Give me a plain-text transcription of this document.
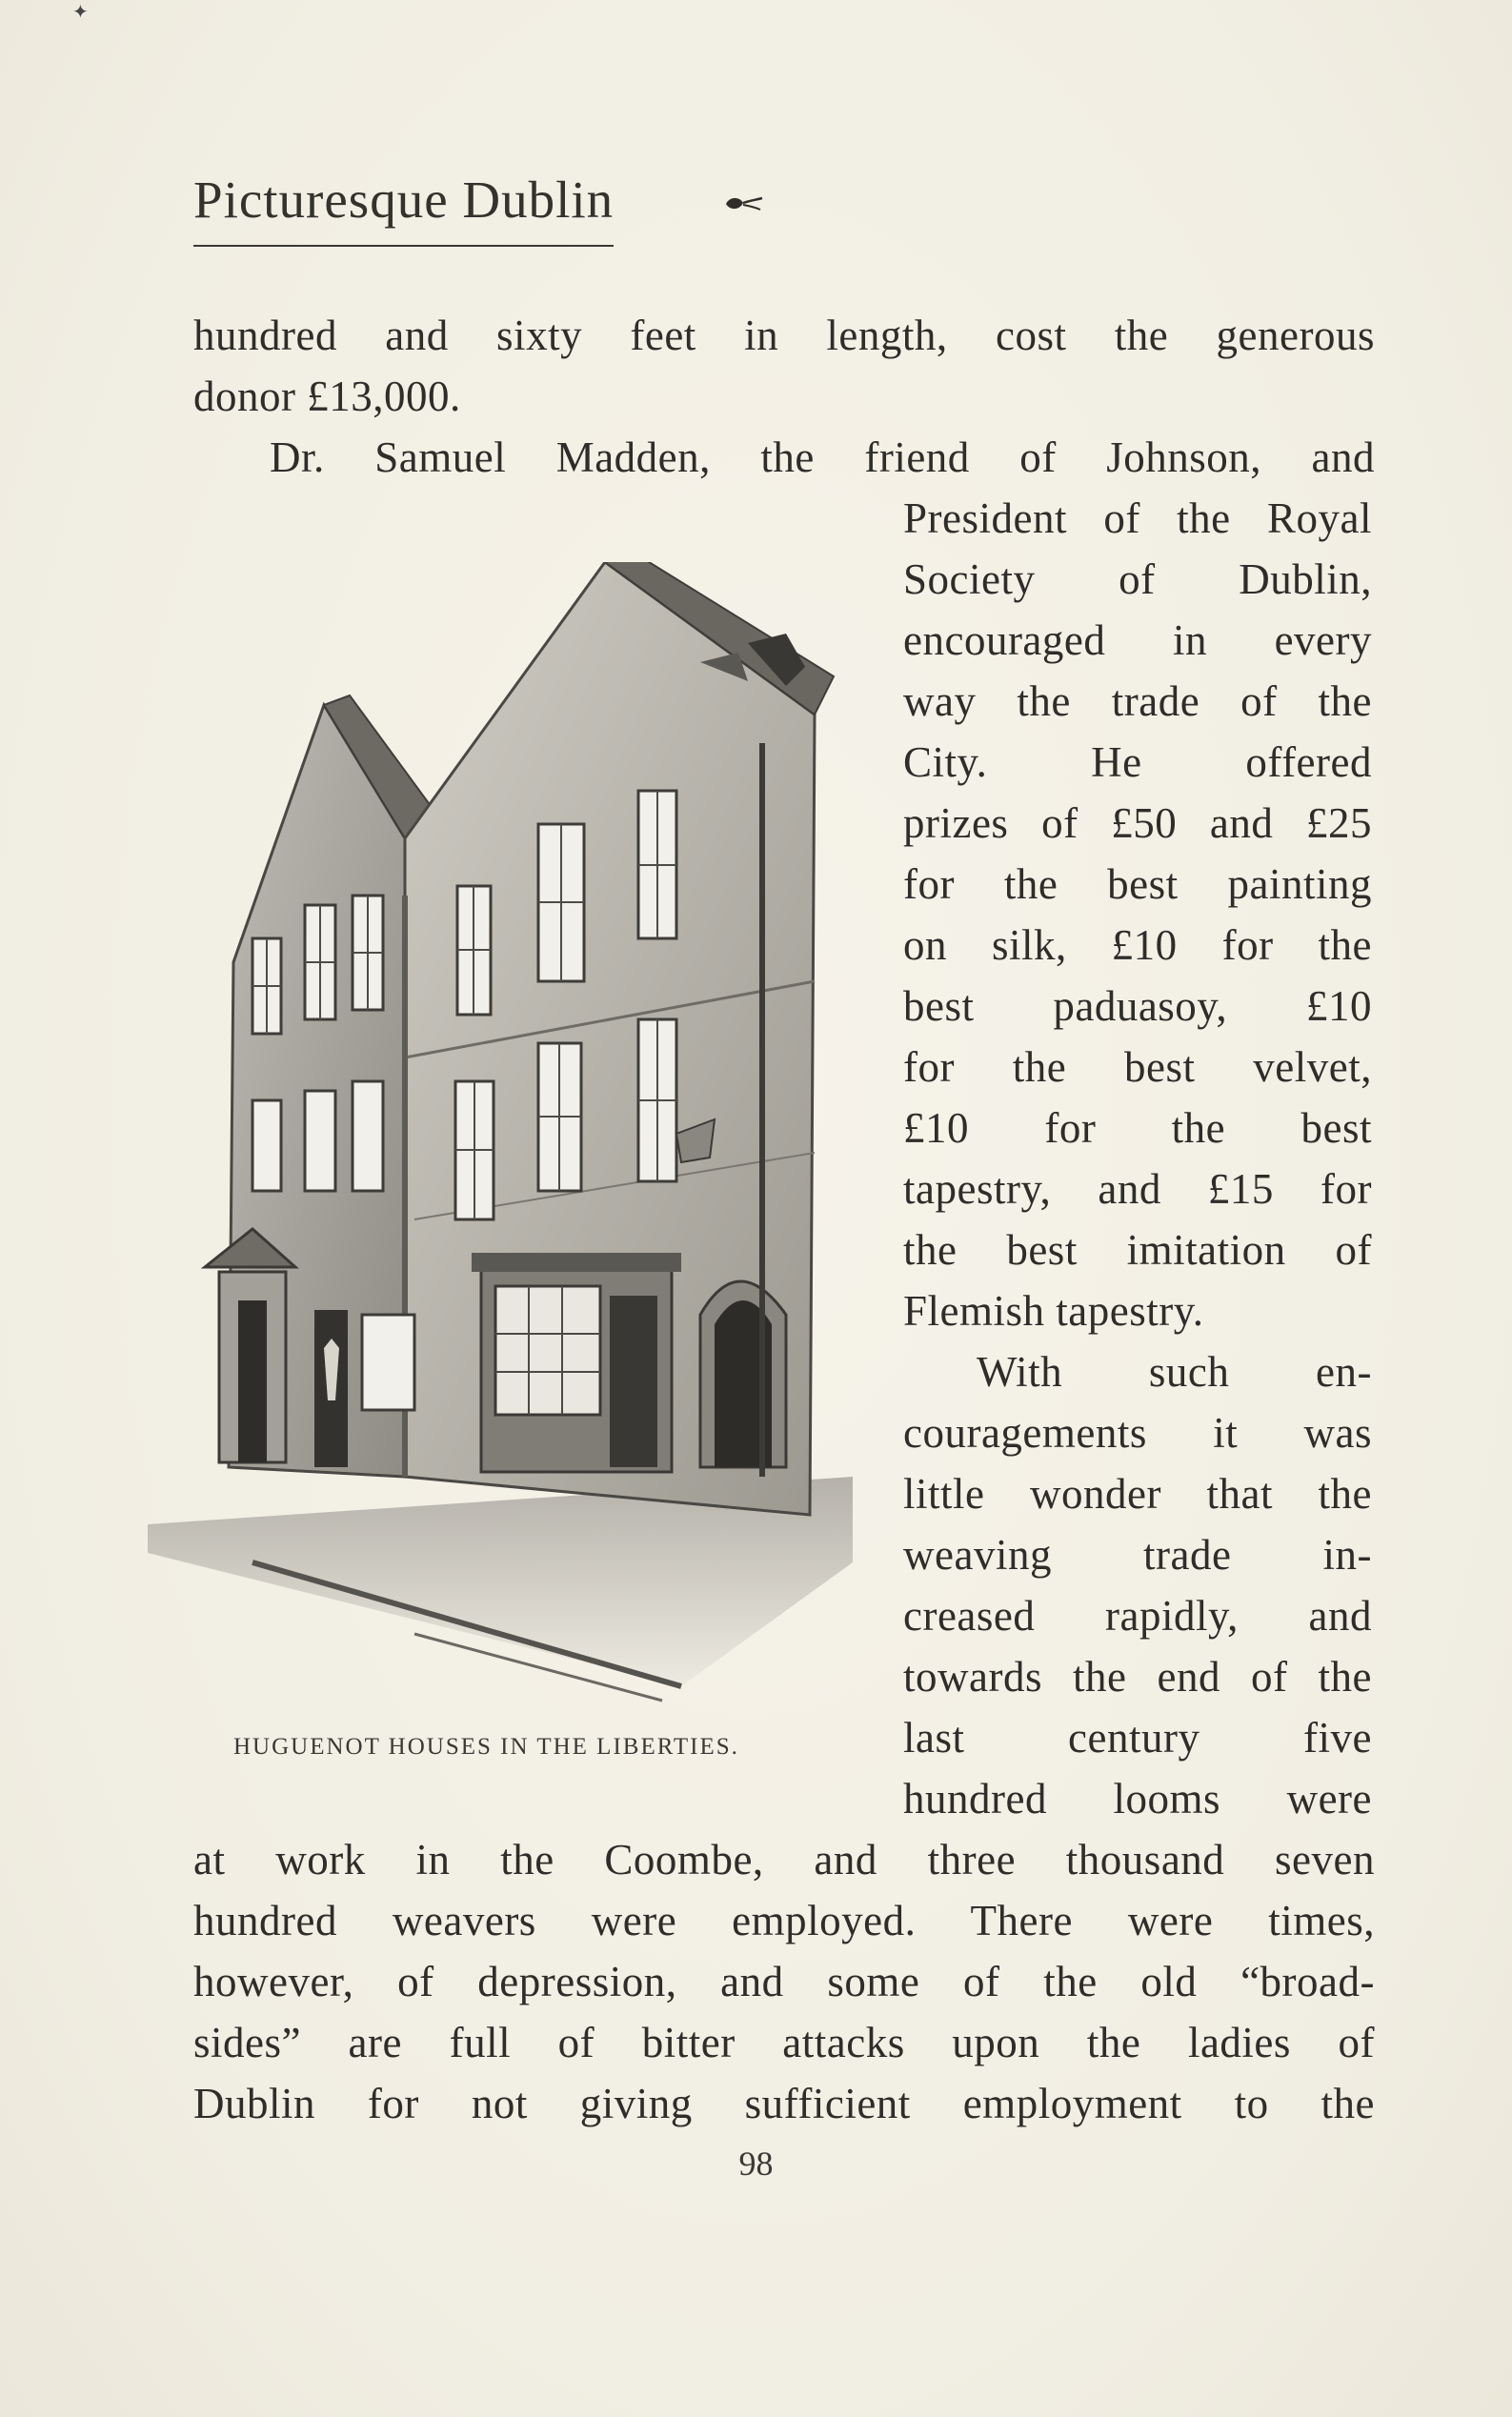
✦
Picturesque Dublin
hundred and sixty feet in length, cost the generous
donor £13,000.
Dr. Samuel Madden, the friend of Johnson, and
President of the Royal
Society of Dublin,
encouraged in every
way the trade of the
City. He offered
prizes of £50 and £25
for the best painting
on silk, £10 for the
best paduasoy, £10
for the best velvet,
£10 for the best
tapestry, and £15 for
the best imitation of
Flemish tapestry.
With such en-
couragements it was
little wonder that the
weaving trade in-
creased rapidly, and
towards the end of the
last century five
hundred looms were
at work in the Coombe, and three thousand seven
hundred weavers were employed. There were times,
however, of depression, and some of the old “broad-
sides” are full of bitter attacks upon the ladies of
Dublin for not giving sufficient employment to the
HUGUENOT HOUSES IN THE LIBERTIES.
98
